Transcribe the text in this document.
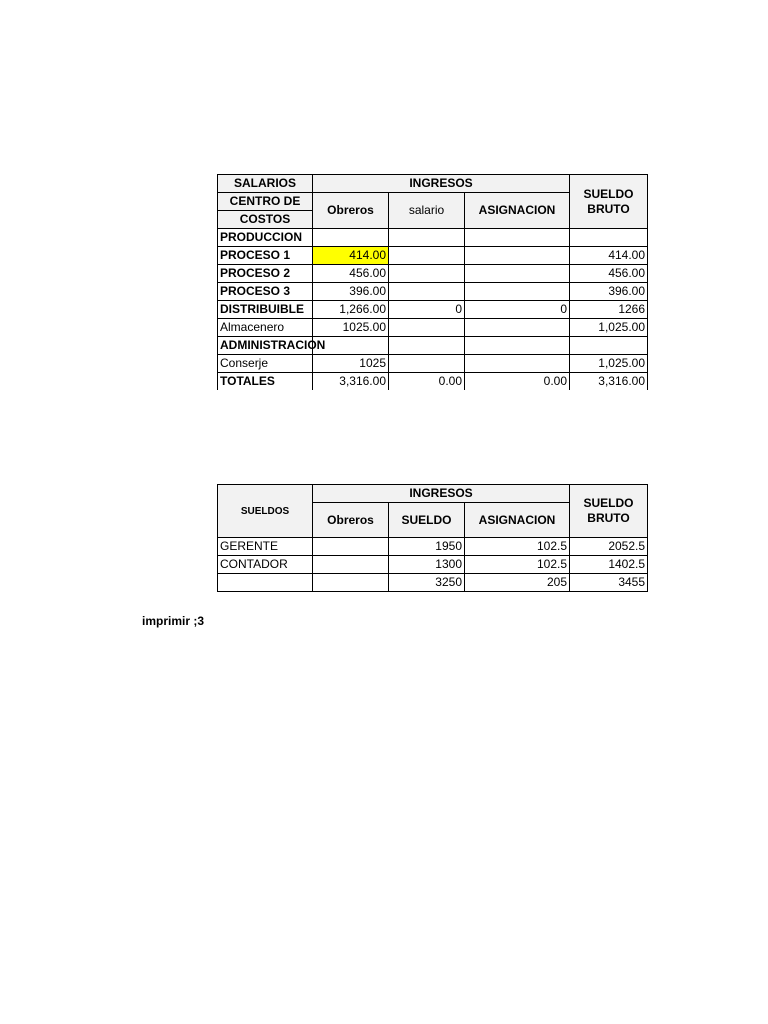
SALARIOS	INGRESOS			SUELDO BRUTO
CENTRO DE	Obreros	salario	ASIGNACION	
COSTOS				
PRODUCCION				
PROCESO 1	414.00			414.00
PROCESO 2	456.00			456.00
PROCESO 3	396.00			396.00
DISTRIBUIBLE	1,266.00	0	0	1266
Almacenero	1025.00			1,025.00
ADMINISTRACION				
Conserje	1025			1,025.00
TOTALES	3,316.00	0.00	0.00	3,316.00
SUELDOS	INGRESOS			SUELDO BRUTO
	Obreros	SUELDO	ASIGNACION	
GERENTE		1950	102.5	2052.5
CONTADOR		1300	102.5	1402.5
		3250	205	3455
imprimir ;3
